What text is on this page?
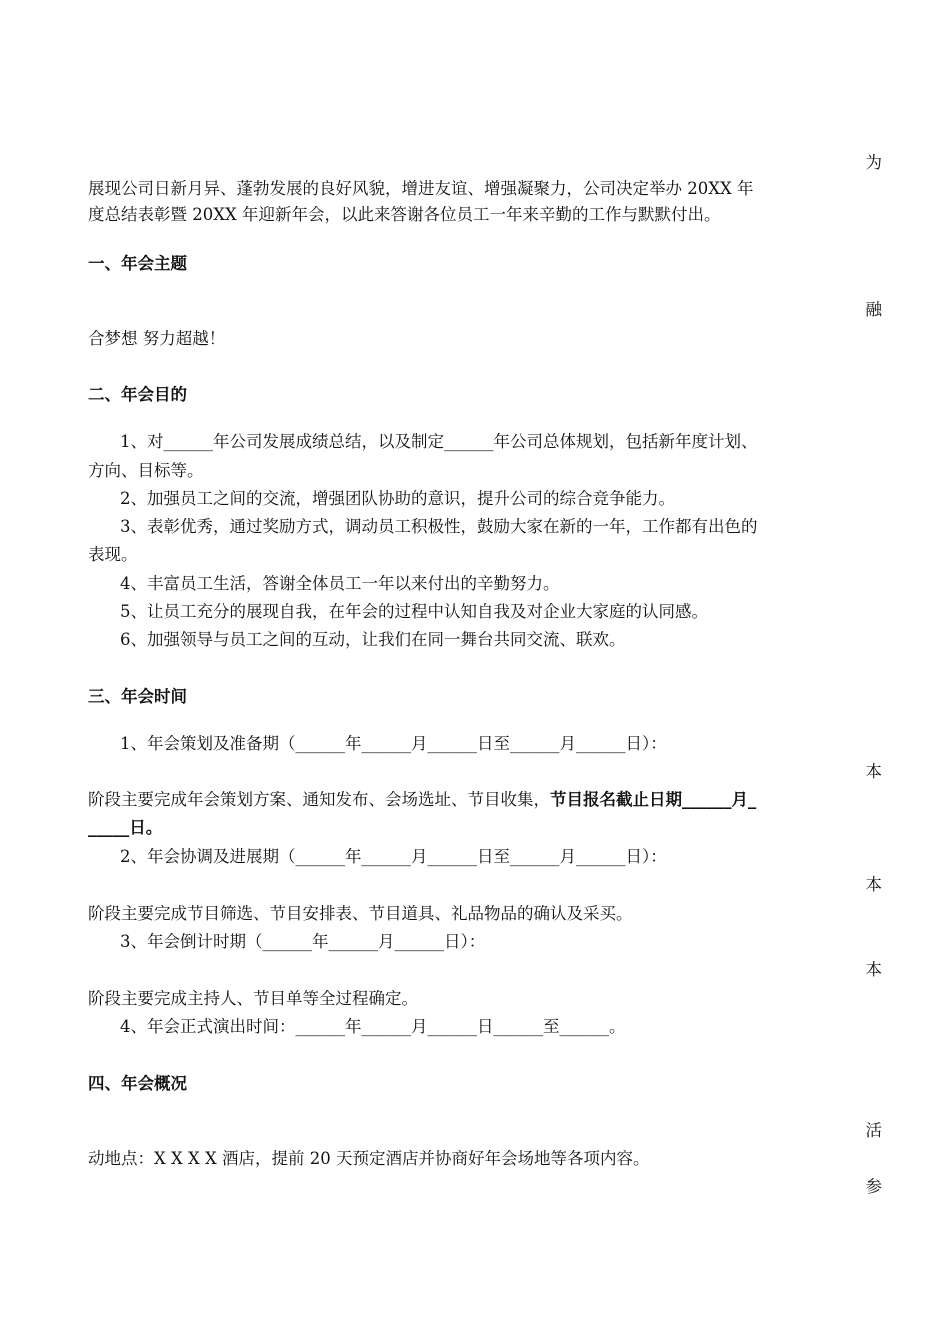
为
展现公司日新月异、蓬勃发展的良好风貌，增进友谊、增强凝聚力，公司决定举办 20XX 年
度总结表彰暨 20XX 年迎新年会，以此来答谢各位员工一年来辛勤的工作与默默付出。
一、年会主题
融
合梦想 努力超越！
二、年会目的
1、对______年公司发展成绩总结，以及制定______年公司总体规划，包括新年度计划、
方向、目标等。
2、加强员工之间的交流，增强团队协助的意识，提升公司的综合竞争能力。
3、表彰优秀，通过奖励方式，调动员工积极性，鼓励大家在新的一年，工作都有出色的
表现。
4、丰富员工生活，答谢全体员工一年以来付出的辛勤努力。
5、让员工充分的展现自我，在年会的过程中认知自我及对企业大家庭的认同感。
6、加强领导与员工之间的互动，让我们在同一舞台共同交流、联欢。
三、年会时间
1、年会策划及准备期（______年______月______日至______月______日）：
本
阶段主要完成年会策划方案、通知发布、会场选址、节目收集，节目报名截止日期______月_
_____日。
2、年会协调及进展期（______年______月______日至______月______日）：
本
阶段主要完成节目筛选、节目安排表、节目道具、礼品物品的确认及采买。
3、年会倒计时期（______年______月______日）：
本
阶段主要完成主持人、节目单等全过程确定。
4、年会正式演出时间：______年______月______日______至______。
四、年会概况
活
动地点：X X X X 酒店，提前 20 天预定酒店并协商好年会场地等各项内容。
参
